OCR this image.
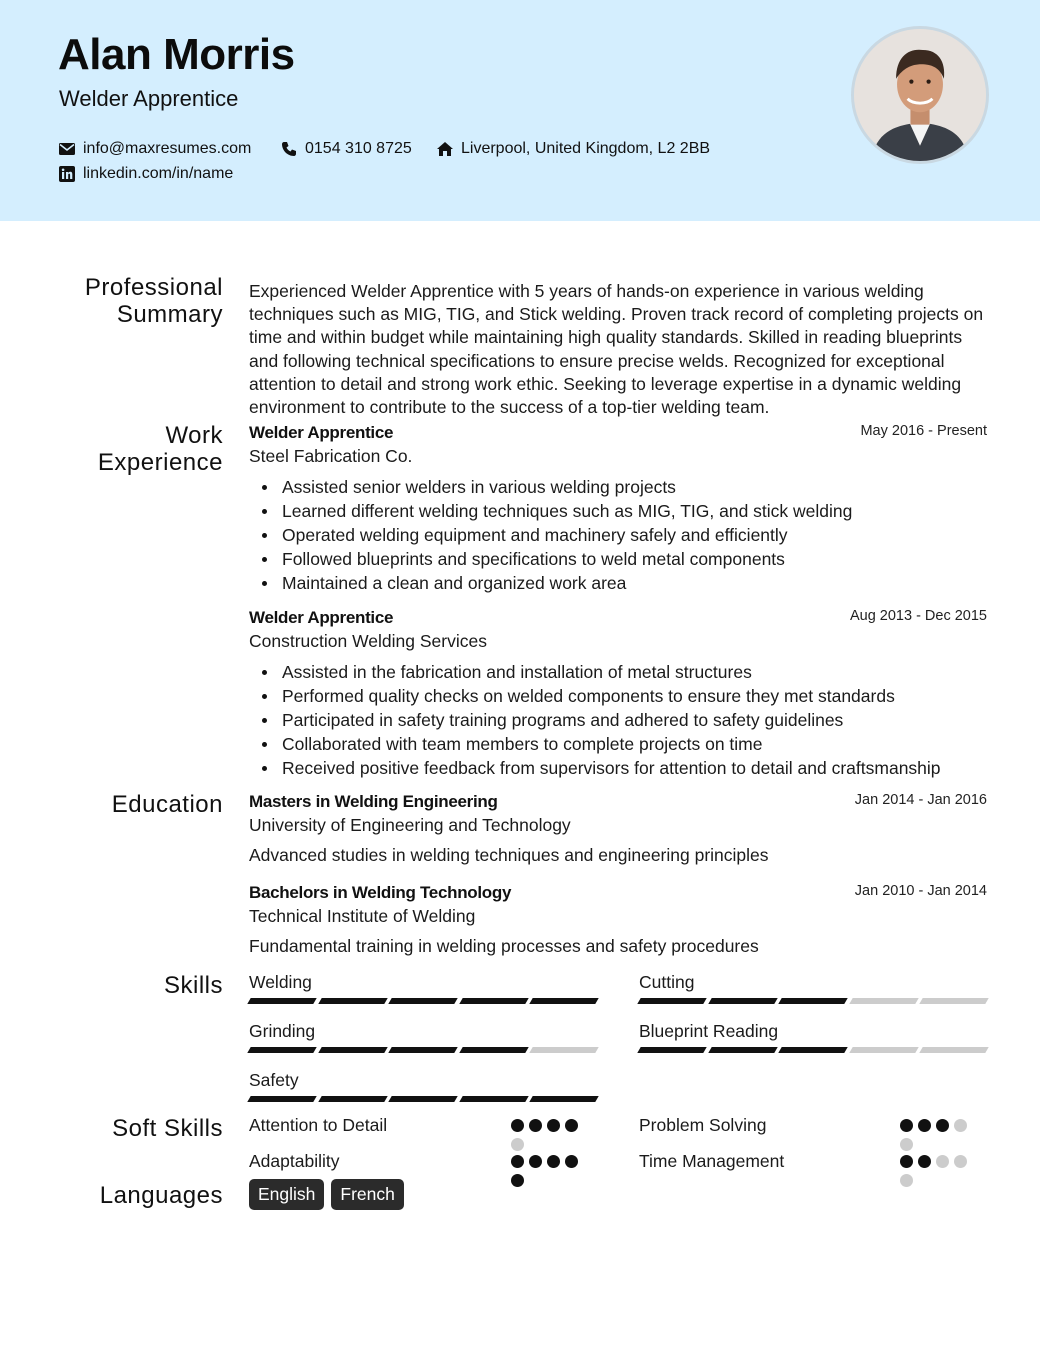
Alan Morris
Welder Apprentice
info@maxresumes.com	0154 310 8725	Liverpool, United Kingdom, L2 2BB
linkedin.com/in/name
Professional Summary
Work Experience
Education
Skills
Soft Skills
Languages
Experienced Welder Apprentice with 5 years of hands-on experience in various welding techniques such as MIG, TIG, and Stick welding. Proven track record of completing projects on time and within budget while maintaining high quality standards. Skilled in reading blueprints and following technical specifications to ensure precise welds. Recognized for exceptional attention to detail and strong work ethic. Seeking to leverage expertise in a dynamic welding environment to contribute to the success of a top-tier welding team.
Welder Apprentice	May 2016 - Present
Steel Fabrication Co.
Assisted senior welders in various welding projects
Learned different welding techniques such as MIG, TIG, and stick welding
Operated welding equipment and machinery safely and efficiently
Followed blueprints and specifications to weld metal components
Maintained a clean and organized work area
Welder Apprentice	Aug 2013 - Dec 2015
Construction Welding Services
Assisted in the fabrication and installation of metal structures
Performed quality checks on welded components to ensure they met standards
Participated in safety training programs and adhered to safety guidelines
Collaborated with team members to complete projects on time
Received positive feedback from supervisors for attention to detail and craftsmanship
Masters in Welding Engineering	Jan 2014 - Jan 2016
University of Engineering and Technology
Advanced studies in welding techniques and engineering principles
Bachelors in Welding Technology	Jan 2010 - Jan 2014
Technical Institute of Welding
Fundamental training in welding processes and safety procedures
Welding	Cutting
Grinding	Blueprint Reading
Safety
Attention to Detail	Problem Solving
Adaptability	Time Management
English	French
